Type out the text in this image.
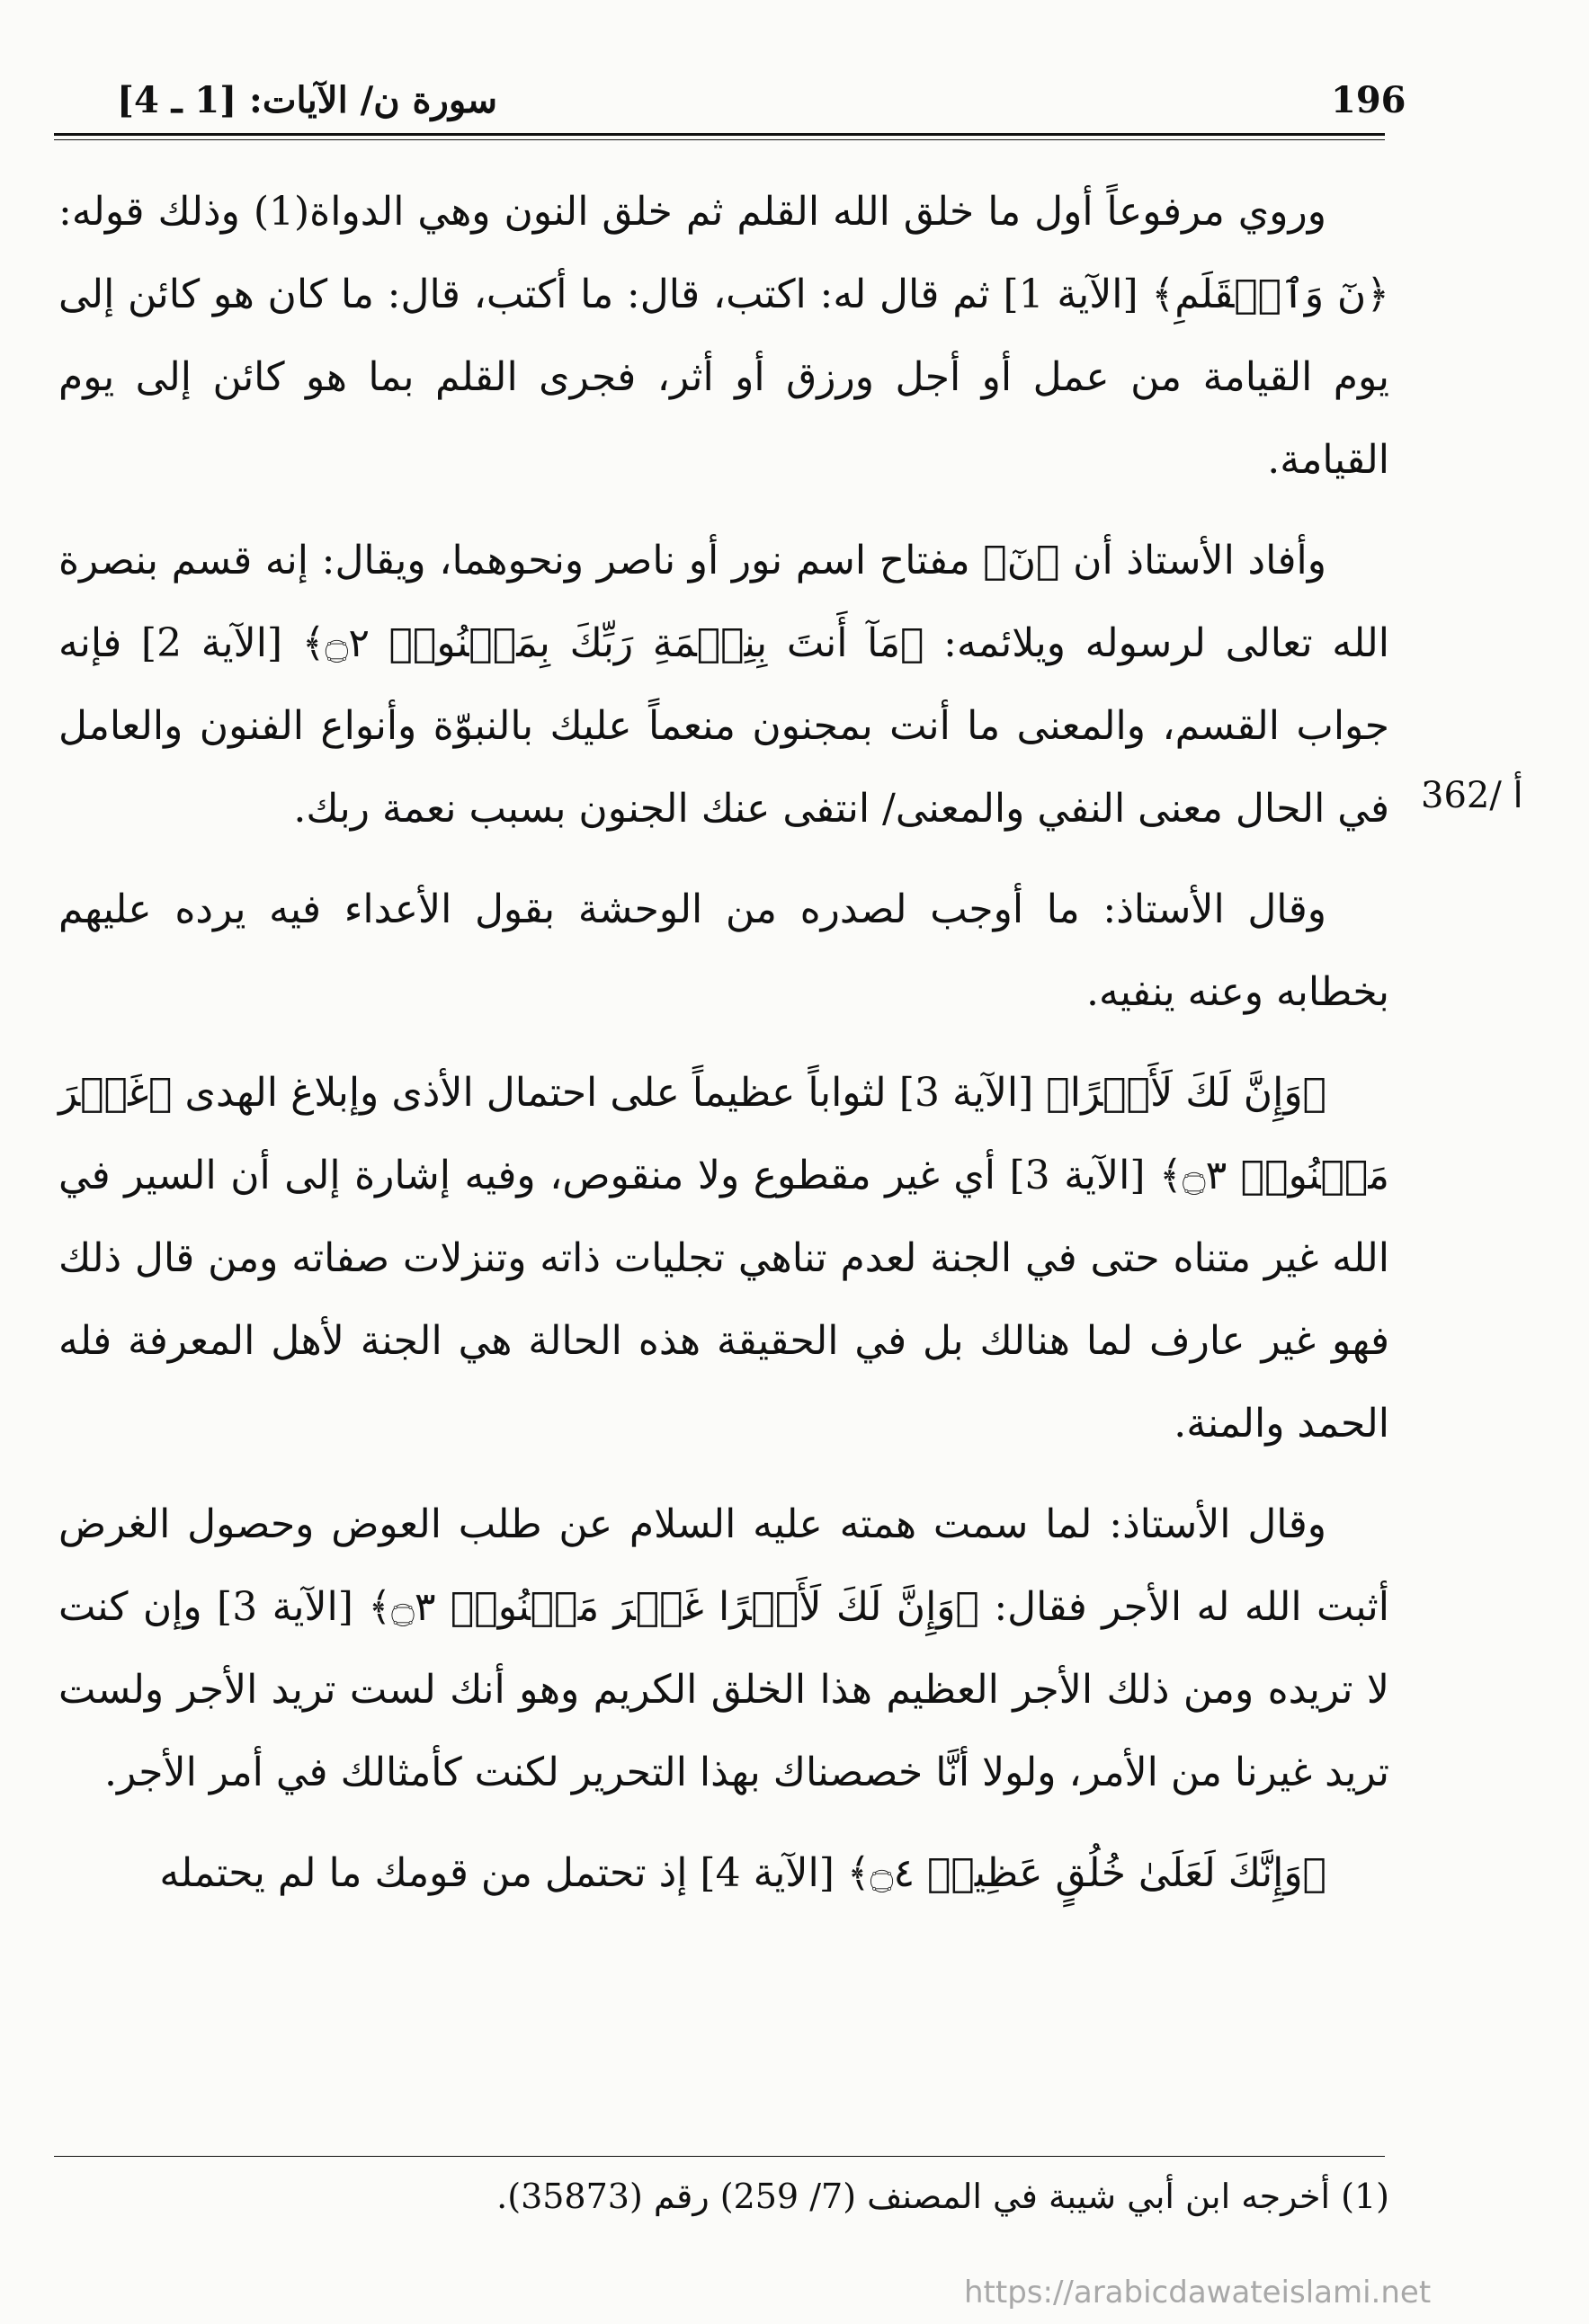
196
سورة ن/ الآيات: [1 ـ 4]

وروي مرفوعاً أول ما خلق الله القلم ثم خلق النون وهي الدواة(1) وذلك قوله: ﴿نٓ وَٱلۡقَلَمِ﴾ [الآية 1] ثم قال له: اكتب، قال: ما أكتب، قال: ما كان هو كائن إلى يوم القيامة من عمل أو أجل ورزق أو أثر، فجرى القلم بما هو كائن إلى يوم القيامة.

وأفاد الأستاذ أن ﴿نٓ﴾ مفتاح اسم نور أو ناصر ونحوهما، ويقال: إنه قسم بنصرة الله تعالى لرسوله ويلائمه: ﴿مَآ أَنتَ بِنِعۡمَةِ رَبِّكَ بِمَجۡنُونٖ ۝٢﴾ [الآية 2] فإنه جواب القسم، والمعنى ما أنت بمجنون منعماً عليك بالنبوّة وأنواع الفنون والعامل في الحال معنى النفي والمعنى/ انتفى عنك الجنون بسبب نعمة ربك.

وقال الأستاذ: ما أوجب لصدره من الوحشة بقول الأعداء فيه يرده عليهم بخطابه وعنه ينفيه.

﴿وَإِنَّ لَكَ لَأَجۡرًا﴾ [الآية 3] لثواباً عظيماً على احتمال الأذى وإبلاغ الهدى ﴿غَيۡرَ مَمۡنُونٖ ۝٣﴾ [الآية 3] أي غير مقطوع ولا منقوص، وفيه إشارة إلى أن السير في الله غير متناه حتى في الجنة لعدم تناهي تجليات ذاته وتنزلات صفاته ومن قال ذلك فهو غير عارف لما هنالك بل في الحقيقة هذه الحالة هي الجنة لأهل المعرفة فله الحمد والمنة.

وقال الأستاذ: لما سمت همته عليه السلام عن طلب العوض وحصول الغرض أثبت الله له الأجر فقال: ﴿وَإِنَّ لَكَ لَأَجۡرًا غَيۡرَ مَمۡنُونٖ ۝٣﴾ [الآية 3] وإن كنت لا تريده ومن ذلك الأجر العظيم هذا الخلق الكريم وهو أنك لست تريد الأجر ولست تريد غيرنا من الأمر، ولولا أنَّا خصصناك بهذا التحرير لكنت كأمثالك في أمر الأجر.

﴿وَإِنَّكَ لَعَلَىٰ خُلُقٍ عَظِيمٖ ۝٤﴾ [الآية 4] إذ تحتمل من قومك ما لم يحتمله

362/ أ
(1) أخرجه ابن أبي شيبة في المصنف (7/ 259) رقم (35873).
https://arabicdawateislami.net
